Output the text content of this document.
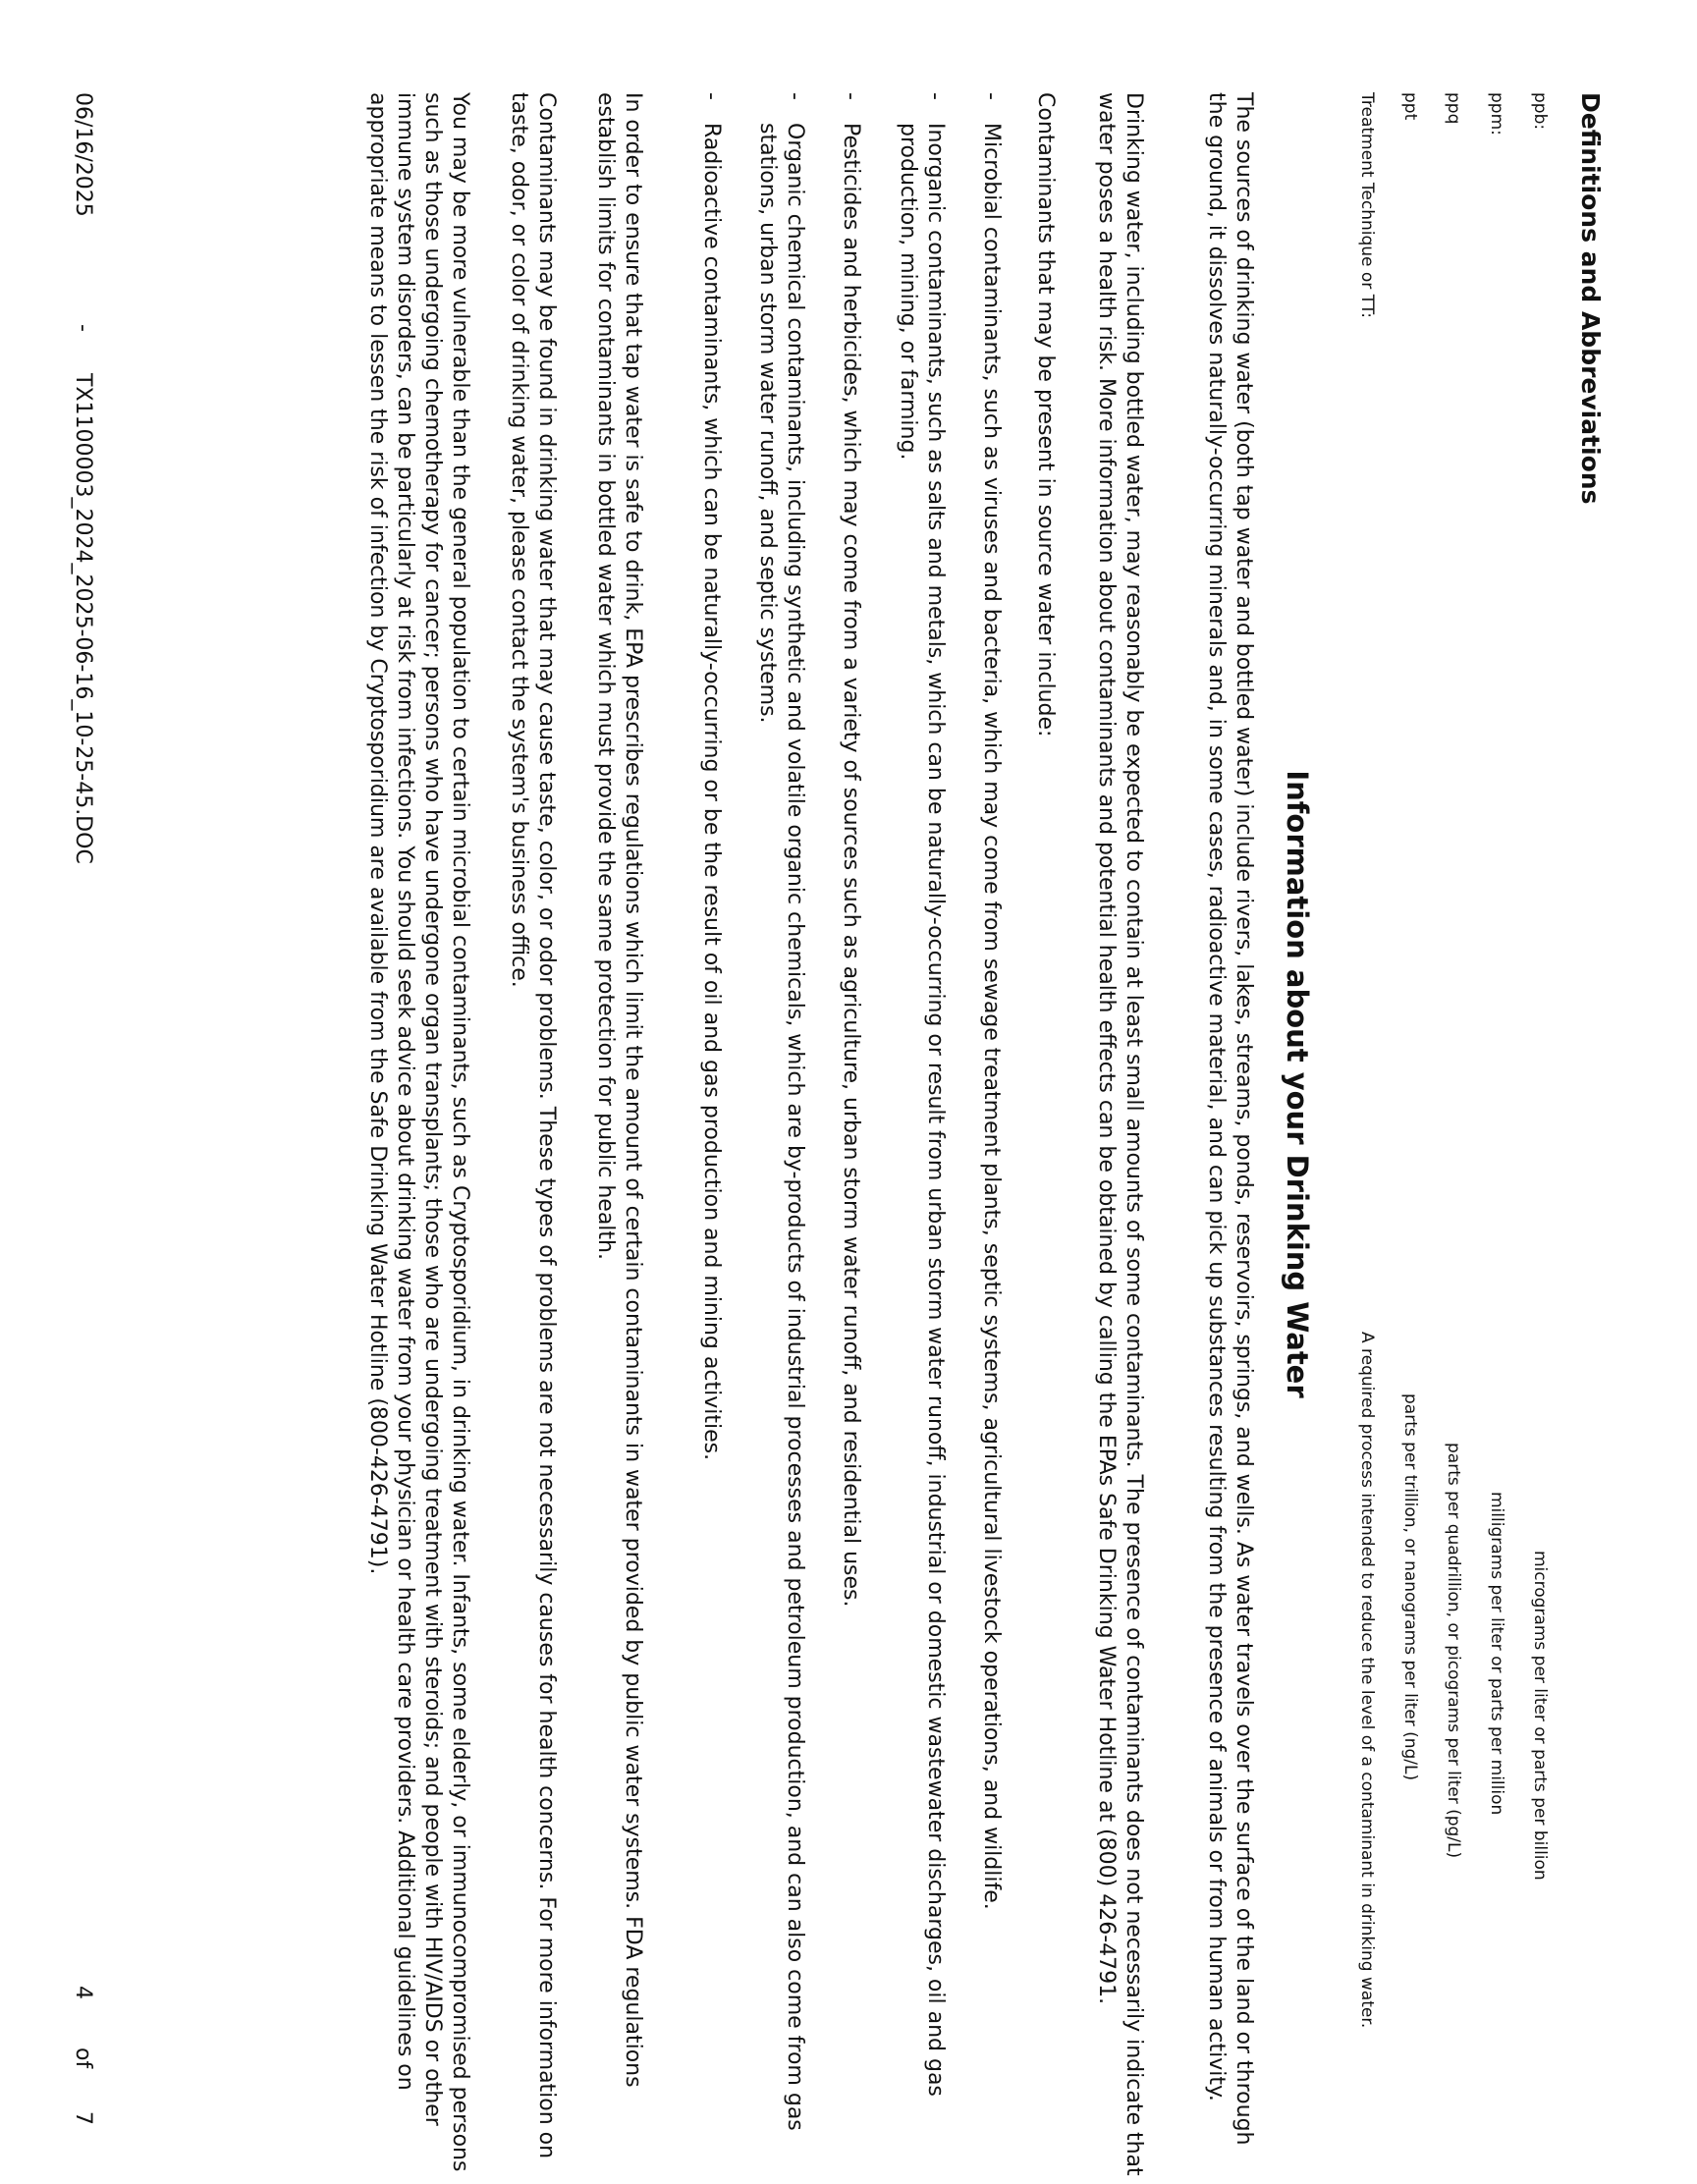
Definitions and Abbreviations
ppb:
micrograms per liter or parts per billion
ppm:
milligrams per liter or parts per million
ppq
parts per quadrillion, or picograms per liter (pg/L)
ppt
parts per trillion, or nanograms per liter (ng/L)
Treatment Technique or TT:
A required process intended to reduce the level of a contaminant in drinking water.
Information about your Drinking Water

The sources of drinking water (both tap water and bottled water) include rivers, lakes, streams, ponds, reservoirs, springs, and wells. As water travels over the surface of the land or through the ground, it dissolves naturally-occurring minerals and, in some cases, radioactive material, and can pick up substances resulting from the presence of animals or from human activity.

Drinking water, including bottled water, may reasonably be expected to contain at least small amounts of some contaminants. The presence of contaminants does not necessarily indicate that water poses a health risk. More information about contaminants and potential health effects can be obtained by calling the EPAs Safe Drinking Water Hotline at (800) 426-4791.

Contaminants that may be present in source water include:

-
Microbial contaminants, such as viruses and bacteria, which may come from sewage treatment plants, septic systems, agricultural livestock operations, and wildlife.
-
Inorganic contaminants, such as salts and metals, which can be naturally-occurring or result from urban storm water runoff, industrial or domestic wastewater discharges, oil and gas production, mining, or farming.
-
Pesticides and herbicides, which may come from a variety of sources such as agriculture, urban storm water runoff, and residential uses.
-
Organic chemical contaminants, including synthetic and volatile organic chemicals, which are by-products of industrial processes and petroleum production, and can also come from gas stations, urban storm water runoff, and septic systems.
-
Radioactive contaminants, which can be naturally-occurring or be the result of oil and gas production and mining activities.

In order to ensure that tap water is safe to drink, EPA prescribes regulations which limit the amount of certain contaminants in water provided by public water systems. FDA regulations establish limits for contaminants in bottled water which must provide the same protection for public health.

Contaminants may be found in drinking water that may cause taste, color, or odor problems. These types of problems are not necessarily causes for health concerns. For more information on taste, odor, or color of drinking water, please contact the system's business office.

You may be more vulnerable than the general population to certain microbial contaminants, such as Cryptosporidium, in drinking water. Infants, some elderly, or immunocompromised persons such as those undergoing chemotherapy for cancer; persons who have undergone organ transplants; those who are undergoing treatment with steroids; and people with HIV/AIDS or other immune system disorders, can be particularly at risk from infections. You should seek advice about drinking water from your physician or health care providers. Additional guidelines on appropriate means to lessen the risk of infection by Cryptosporidium are available from the Safe Drinking Water Hotline (800-426-4791).

06/16/2025
-
TX1100003_2024_2025-06-16_10-25-45.DOC
4
of
7
